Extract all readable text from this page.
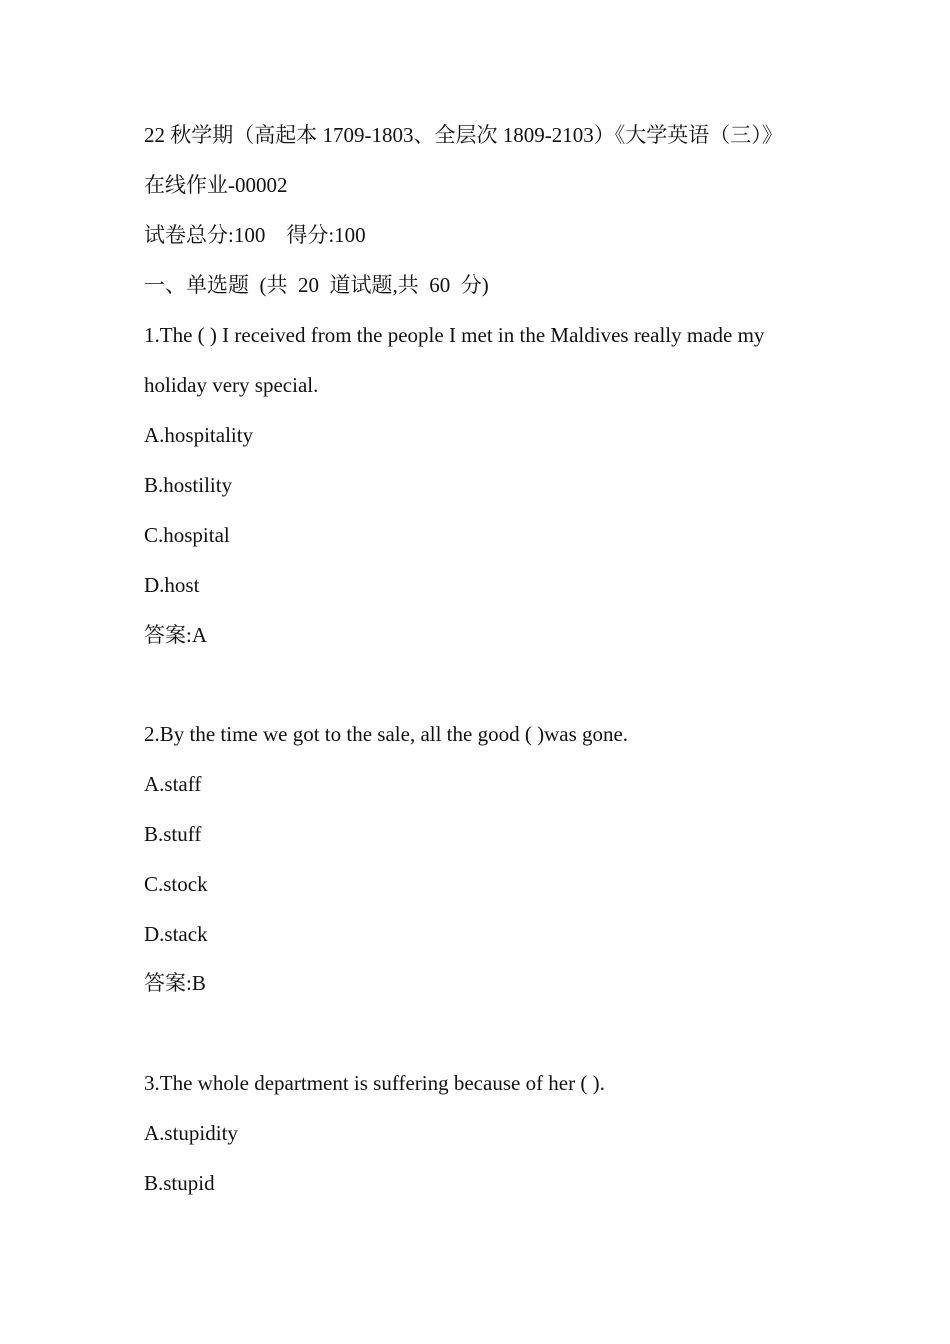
22 秋学期（高起本 1709-1803、全层次 1809-2103）《大学英语（三）》
在线作业-00002
试卷总分:100    得分:100
一、单选题  (共  20  道试题,共  60  分)
1.The ( ) I received from the people I met in the Maldives really made my
holiday very special.
A.hospitality
B.hostility
C.hospital
D.host
答案:A
2.By the time we got to the sale, all the good ( )was gone.
A.staff
B.stuff
C.stock
D.stack
答案:B
3.The whole department is suffering because of her ( ).
A.stupidity
B.stupid
